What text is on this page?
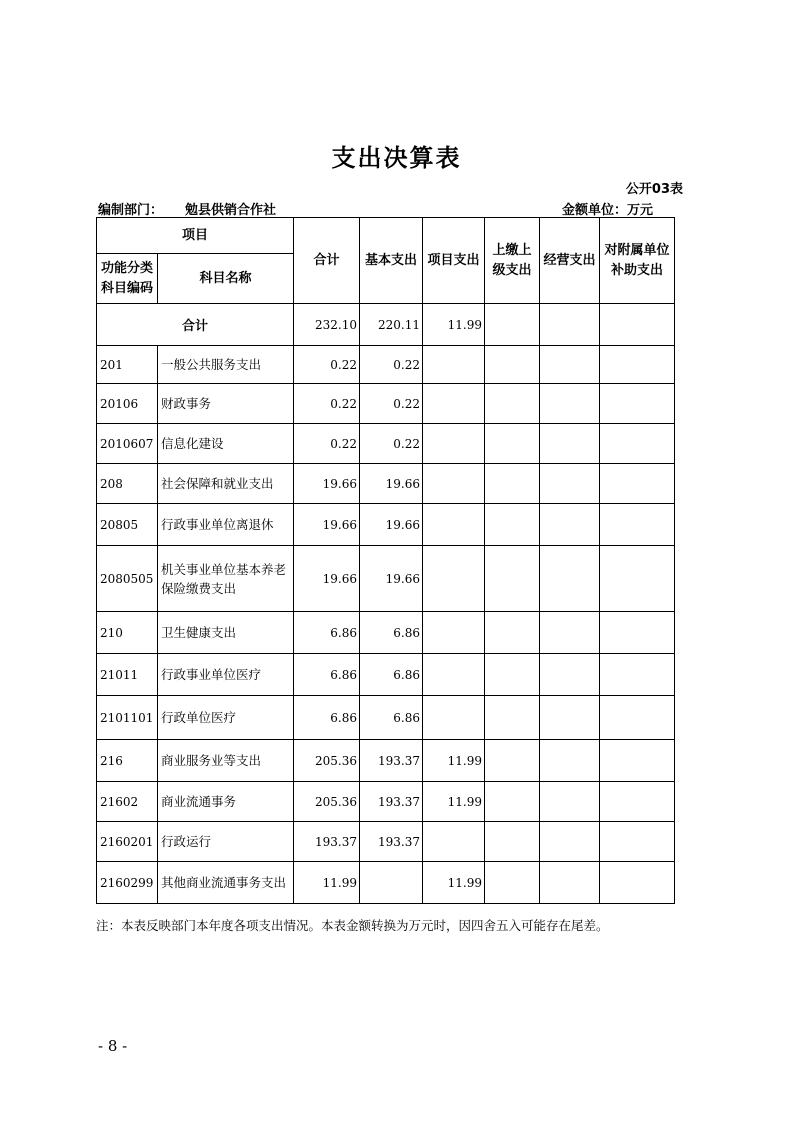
支出决算表
公开03表
编制部门： 勉县供销合作社	金额单位：万元
项目		合计	基本支出	项目支出	上缴上级支出	经营支出	对附属单位补助支出
功能分类科目编码	科目名称						
合计		232.10	220.11	11.99			
201	一般公共服务支出	0.22	0.22				
20106	财政事务	0.22	0.22				
2010607	信息化建设	0.22	0.22				
208	社会保障和就业支出	19.66	19.66				
20805	行政事业单位离退休	19.66	19.66				
2080505	机关事业单位基本养老保险缴费支出	19.66	19.66				
210	卫生健康支出	6.86	6.86				
21011	行政事业单位医疗	6.86	6.86				
2101101	行政单位医疗	6.86	6.86				
216	商业服务业等支出	205.36	193.37	11.99			
21602	商业流通事务	205.36	193.37	11.99			
2160201	行政运行	193.37	193.37				
2160299	其他商业流通事务支出	11.99		11.99			
注：本表反映部门本年度各项支出情况。本表金额转换为万元时，因四舍五入可能存在尾差。
- 8 -
